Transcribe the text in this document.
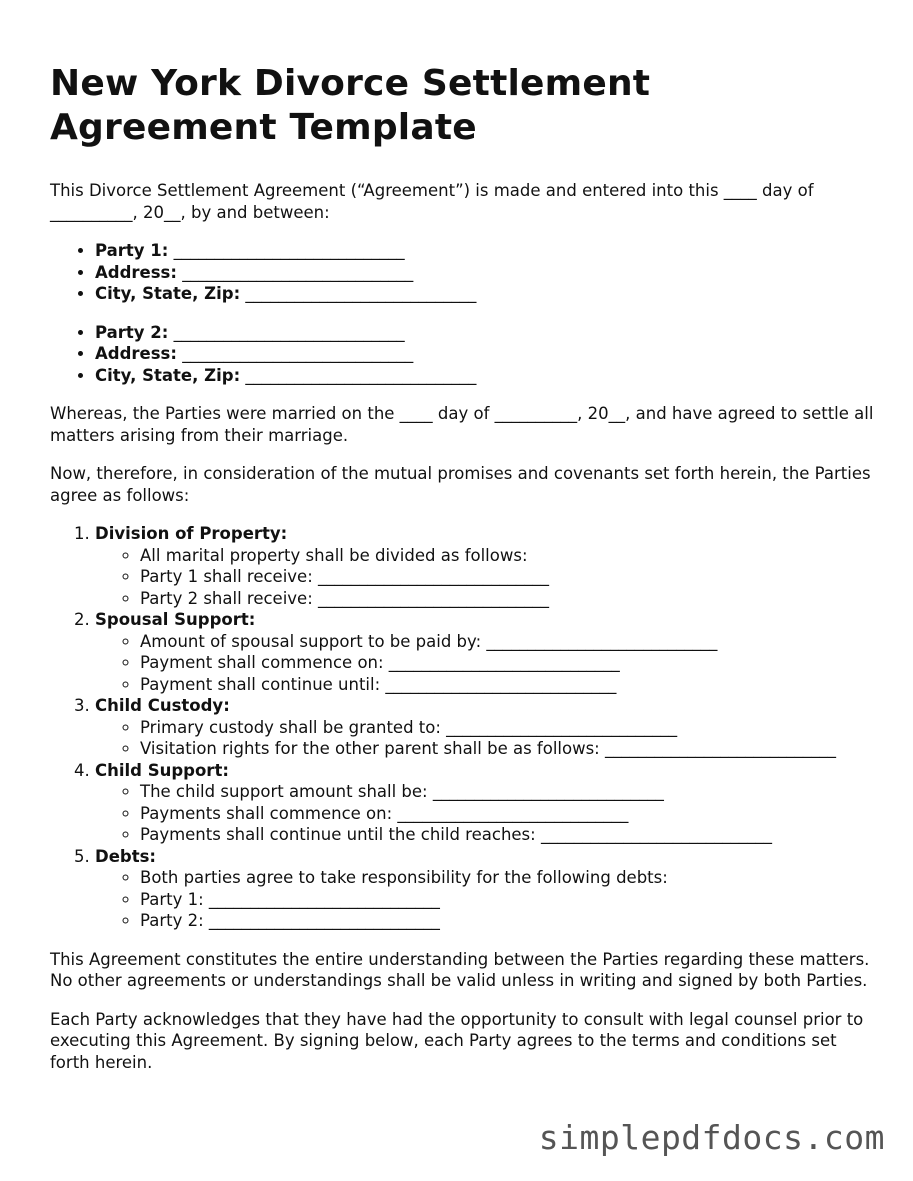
New York Divorce Settlement Agreement Template

This Divorce Settlement Agreement (“Agreement”) is made and entered into this ____ day of __________, 20__, by and between:

• Party 1: ____________________________
• Address: ____________________________
• City, State, Zip: ____________________________
• Party 2: ____________________________
• Address: ____________________________
• City, State, Zip: ____________________________

Whereas, the Parties were married on the ____ day of __________, 20__, and have agreed to settle all matters arising from their marriage.

Now, therefore, in consideration of the mutual promises and covenants set forth herein, the Parties agree as follows:

1. Division of Property:
◦ All marital property shall be divided as follows:
◦ Party 1 shall receive: ____________________________
◦ Party 2 shall receive: ____________________________
2. Spousal Support:
◦ Amount of spousal support to be paid by: ____________________________
◦ Payment shall commence on: ____________________________
◦ Payment shall continue until: ____________________________
3. Child Custody:
◦ Primary custody shall be granted to: ____________________________
◦ Visitation rights for the other parent shall be as follows: ____________________________
4. Child Support:
◦ The child support amount shall be: ____________________________
◦ Payments shall commence on: ____________________________
◦ Payments shall continue until the child reaches: ____________________________
5. Debts:
◦ Both parties agree to take responsibility for the following debts:
◦ Party 1: ____________________________
◦ Party 2: ____________________________

This Agreement constitutes the entire understanding between the Parties regarding these matters. No other agreements or understandings shall be valid unless in writing and signed by both Parties.

Each Party acknowledges that they have had the opportunity to consult with legal counsel prior to executing this Agreement. By signing below, each Party agrees to the terms and conditions set forth herein.

simplepdfdocs.com
